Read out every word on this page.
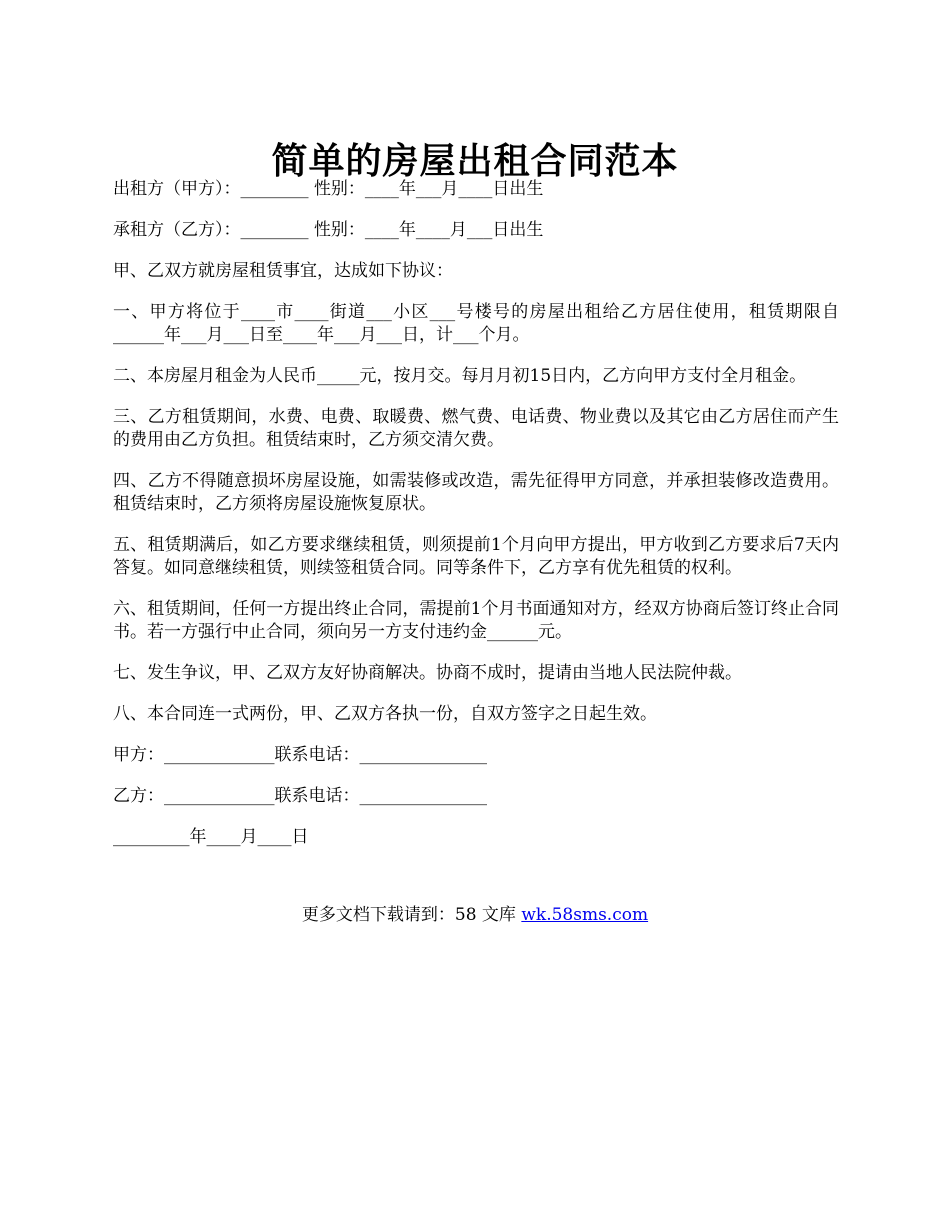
简单的房屋出租合同范本

出租方（甲方）：________ 性别：____年___月____日出生

承租方（乙方）：________ 性别：____年____月___日出生

甲、乙双方就房屋租赁事宜，达成如下协议：

一、甲方将位于____市____街道___小区___号楼号的房屋出租给乙方居住使用，租赁期限自______年___月___日至____年___月___日，计___个月。

二、本房屋月租金为人民币_____元，按月交。每月月初15日内，乙方向甲方支付全月租金。

三、乙方租赁期间，水费、电费、取暖费、燃气费、电话费、物业费以及其它由乙方居住而产生的费用由乙方负担。租赁结束时，乙方须交清欠费。

四、乙方不得随意损坏房屋设施，如需装修或改造，需先征得甲方同意，并承担装修改造费用。租赁结束时，乙方须将房屋设施恢复原状。

五、租赁期满后，如乙方要求继续租赁，则须提前1个月向甲方提出，甲方收到乙方要求后7天内答复。如同意继续租赁，则续签租赁合同。同等条件下，乙方享有优先租赁的权利。

六、租赁期间，任何一方提出终止合同，需提前1个月书面通知对方，经双方协商后签订终止合同书。若一方强行中止合同，须向另一方支付违约金______元。

七、发生争议，甲、乙双方友好协商解决。协商不成时，提请由当地人民法院仲裁。

八、本合同连一式两份，甲、乙双方各执一份，自双方签字之日起生效。

甲方：_____________联系电话：_______________

乙方：_____________联系电话：_______________

_________年____月____日

更多文档下载请到：58 文库 wk.58sms.com
